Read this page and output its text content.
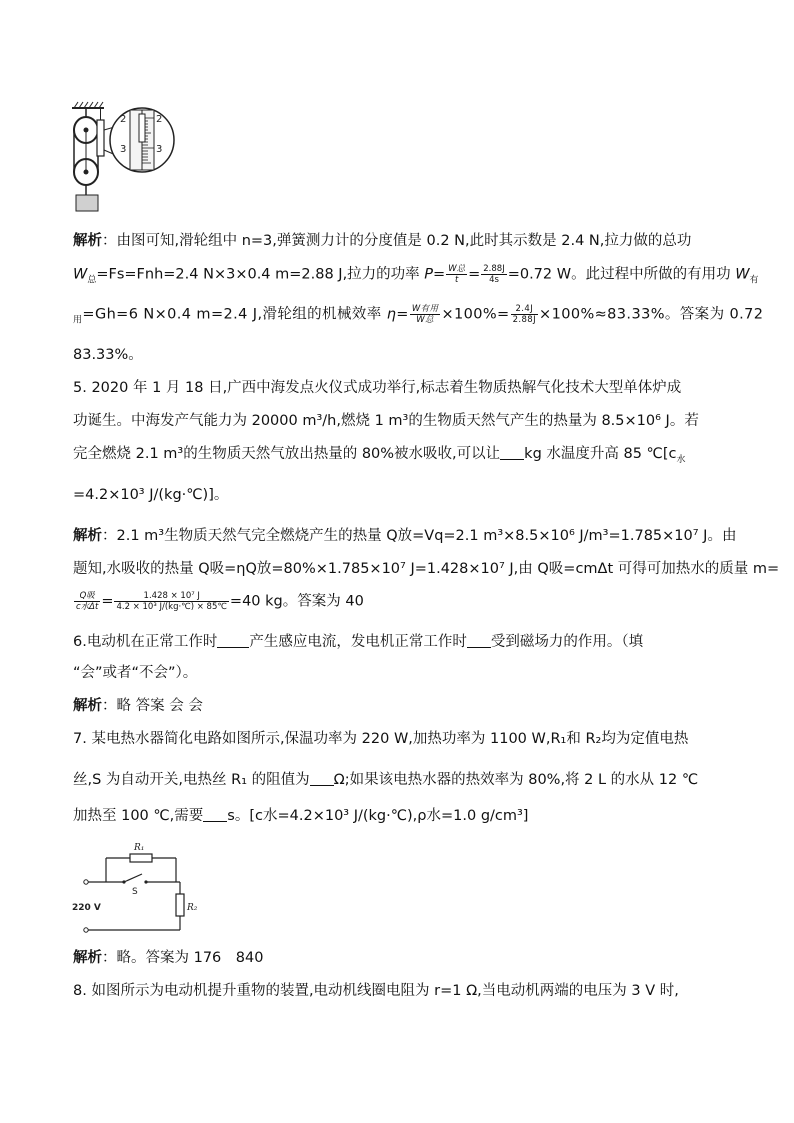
2	2
3	3
解析：由图可知,滑轮组中 n=3,弹簧测力计的分度值是 0.2 N,此时其示数是 2.4 N,拉力做的总功
$W_总=Fs=Fnh=2.4$ N×3×0.4 m=2.88 J,拉力的功率 $P= \frac{\text{W总}}{t} = \frac{2.88J}{4s} =0.72$ W。此过程中所做的有用功 $W_有$
$_用$=Gh=6 N×0.4 m=2.4 J,滑轮组的机械效率 $\eta= \frac{\text{W有用}}{\text{W总}} \times 100\%= \frac{2.4J}{2.88J} \times 100\%\approx 83.33\%$。答案为 0.72
83.33%。
5. 2020 年 1 月 18 日,广西中海发点火仪式成功举行,标志着生物质热解气化技术大型单体炉成
功诞生。中海发产气能力为 20000 m³/h,燃烧 1 m³的生物质天然气产生的热量为 8.5×10⁶ J。若
完全燃烧 2.1 m³的生物质天然气放出热量的 80%被水吸收,可以让 kg 水温度升高 85 $℃[c_水$
=4.2×10³ J/(kg·℃)]。
解析：2.1 m³生物质天然气完全燃烧产生的热量 Q放=Vq=2.1 m³×8.5×10⁶ J/m³=1.785×10⁷ J。由
题知,水吸收的热量 Q吸=ηQ放=80%×1.785×10⁷ J=1.428×10⁷ J,由 Q吸=cmΔt 可得可加热水的质量 m=
$\frac{\text{Q吸}}{\text{c水Δt}} = \frac{\text{1.428 × 10⁷ J}}{\text{4.2 × 10³ J/(kg·℃) × 85℃}} =40$ kg。答案为 40
6.电动机在正常工作时 产生感应电流，发电机正常工作时 受到磁场力的作用。（填
“会”或者“不会”）。
解析：略 答案 会 会
7. 某电热水器简化电路如图所示,保温功率为 220 W,加热功率为 1100 W,R₁和 R₂均为定值电热
丝,S 为自动开关,电热丝 R₁ 的阻值为 Ω;如果该电热水器的热效率为 80%,将 2 L 的水从 12 ℃
加热至 100 ℃,需要 s。[c水=4.2×10³ J/(kg·℃),ρ水=1.0 g/cm³]
R₁
S
R₂
220 V
解析：略。答案为 176　840
8. 如图所示为电动机提升重物的装置,电动机线圈电阻为 r=1 Ω,当电动机两端的电压为 3 V 时,
